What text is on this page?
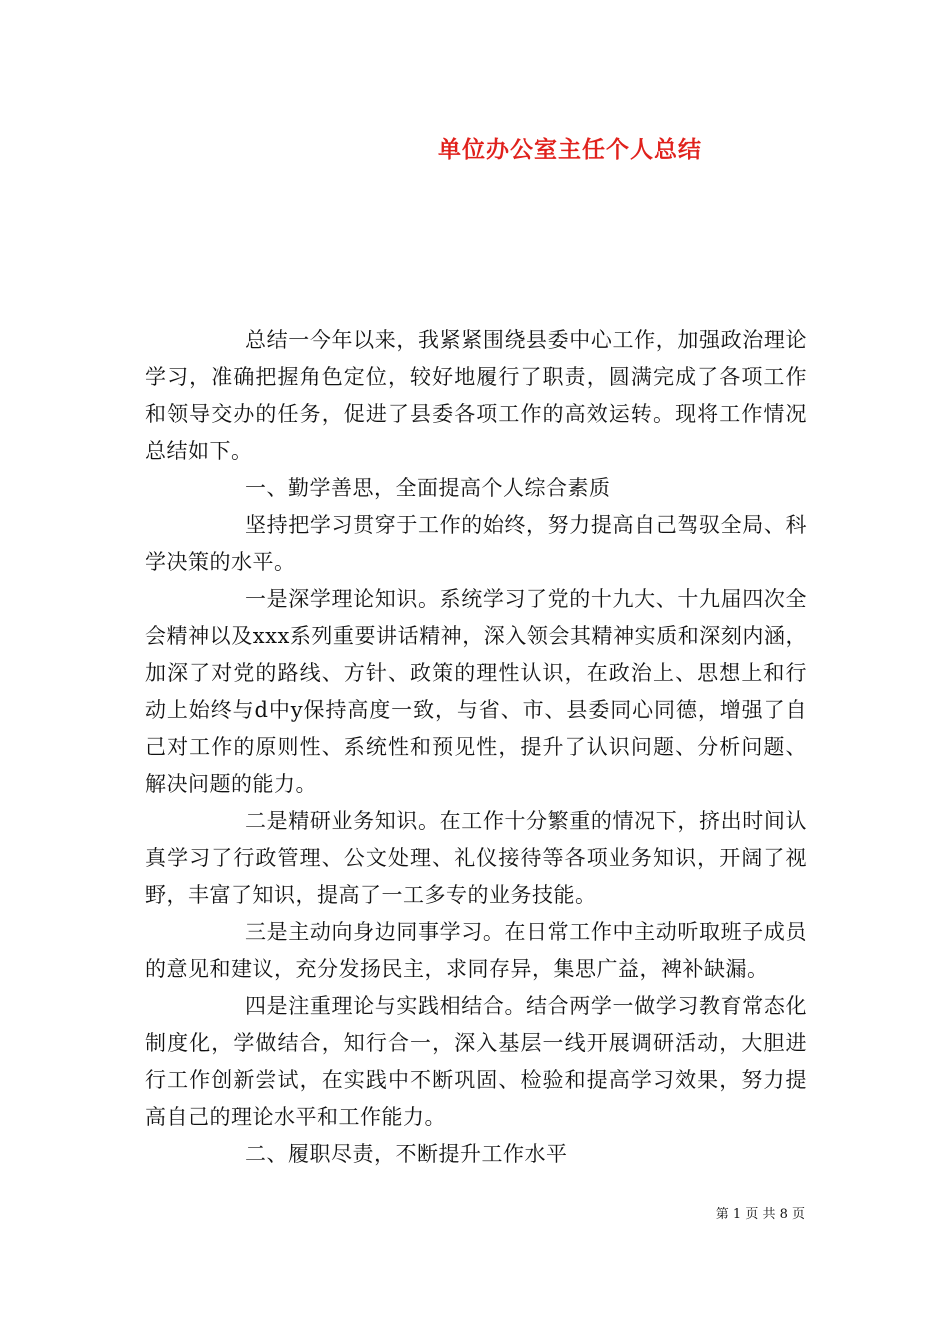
单位办公室主任个人总结

总结一今年以来，我紧紧围绕县委中心工作，加强政治理论学习，准确把握角色定位，较好地履行了职责，圆满完成了各项工作和领导交办的任务，促进了县委各项工作的高效运转。现将工作情况总结如下。

一、勤学善思，全面提高个人综合素质

坚持把学习贯穿于工作的始终，努力提高自己驾驭全局、科学决策的水平。

一是深学理论知识。系统学习了党的十九大、十九届四次全会精神以及xxx系列重要讲话精神，深入领会其精神实质和深刻内涵，加深了对党的路线、方针、政策的理性认识，在政治上、思想上和行动上始终与d中y保持高度一致，与省、市、县委同心同德，增强了自己对工作的原则性、系统性和预见性，提升了认识问题、分析问题、解决问题的能力。

二是精研业务知识。在工作十分繁重的情况下，挤出时间认真学习了行政管理、公文处理、礼仪接待等各项业务知识，开阔了视野，丰富了知识，提高了一工多专的业务技能。

三是主动向身边同事学习。在日常工作中主动听取班子成员的意见和建议，充分发扬民主，求同存异，集思广益，裨补缺漏。

四是注重理论与实践相结合。结合两学一做学习教育常态化制度化，学做结合，知行合一，深入基层一线开展调研活动，大胆进行工作创新尝试，在实践中不断巩固、检验和提高学习效果，努力提高自己的理论水平和工作能力。

二、履职尽责，不断提升工作水平

第 1 页 共 8 页
